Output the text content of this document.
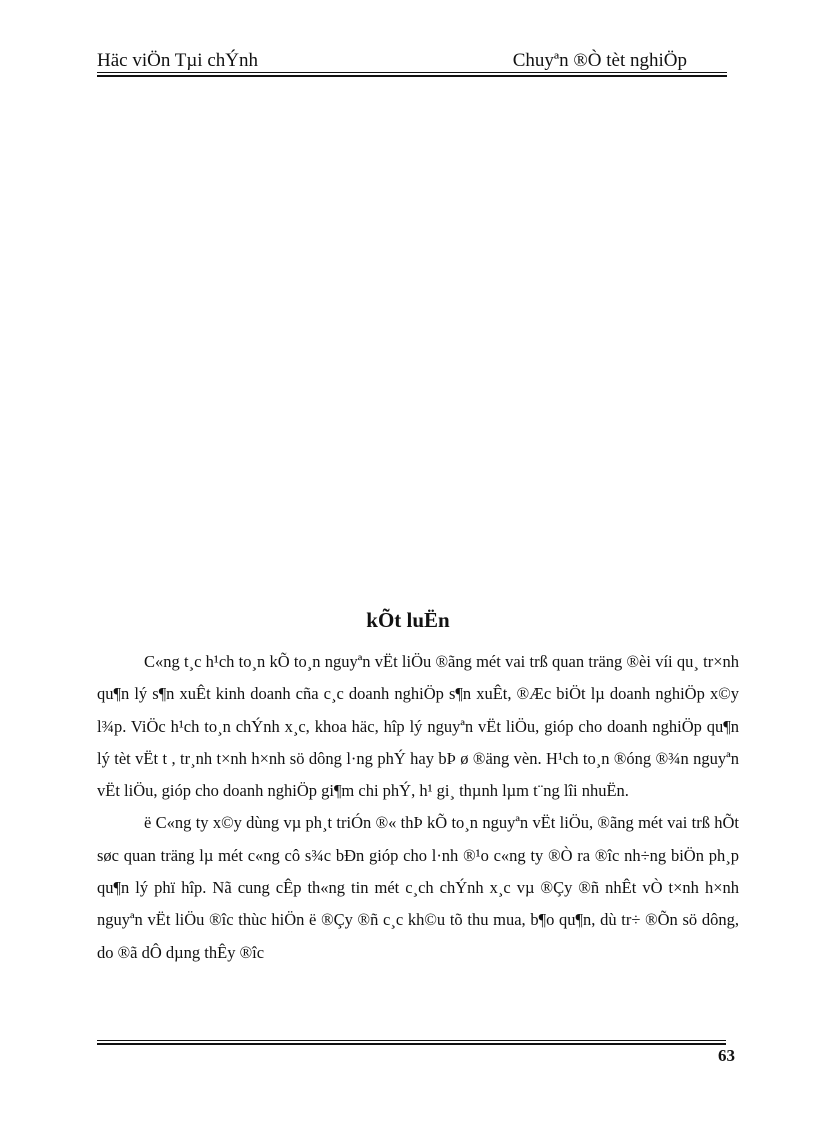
Häc viÖn Tµi chÝnh	Chuyªn ®Ò tèt nghiÖp
kÕt luËn

C«ng t¸c h¹ch to¸n kÕ to¸n nguyªn vËt liÖu ®ãng mét vai trß quan träng ®èi víi qu¸ tr×nh qu¶n lý s¶n xuÊt kinh doanh cña c¸c doanh nghiÖp s¶n xuÊt, ®Æc biÖt lµ doanh nghiÖp x©y l¾p. ViÖc h¹ch to¸n chÝnh x¸c, khoa häc, hîp lý nguyªn vËt liÖu, gióp cho doanh nghiÖp qu¶n lý tèt vËt t , tr¸nh t×nh h×nh sö dông l·ng phÝ hay bÞ ø ®äng vèn. H¹ch to¸n ®óng ®¾n nguyªn vËt liÖu, gióp cho doanh nghiÖp gi¶m chi phÝ, h¹ gi¸ thµnh lµm t¨ng lîi nhuËn.

ë C«ng ty x©y dùng vµ ph¸t triÓn ®« thÞ kÕ to¸n nguyªn vËt liÖu, ®ãng mét vai trß hÕt søc quan träng lµ mét c«ng cô s¾c bÐn gióp cho l·nh ®¹o c«ng ty ®Ò ra ®îc nh÷ng biÖn ph¸p qu¶n lý phï hîp. Nã cung cÊp th«ng tin mét c¸ch chÝnh x¸c vµ ®Çy ®ñ nhÊt vÒ t×nh h×nh nguyªn vËt liÖu ®îc thùc hiÖn ë ®Çy ®ñ c¸c kh©u tõ thu mua, b¶o qu¶n, dù tr÷ ®Õn sö dông, do ®ã dÔ dµng thÊy ®îc

63
